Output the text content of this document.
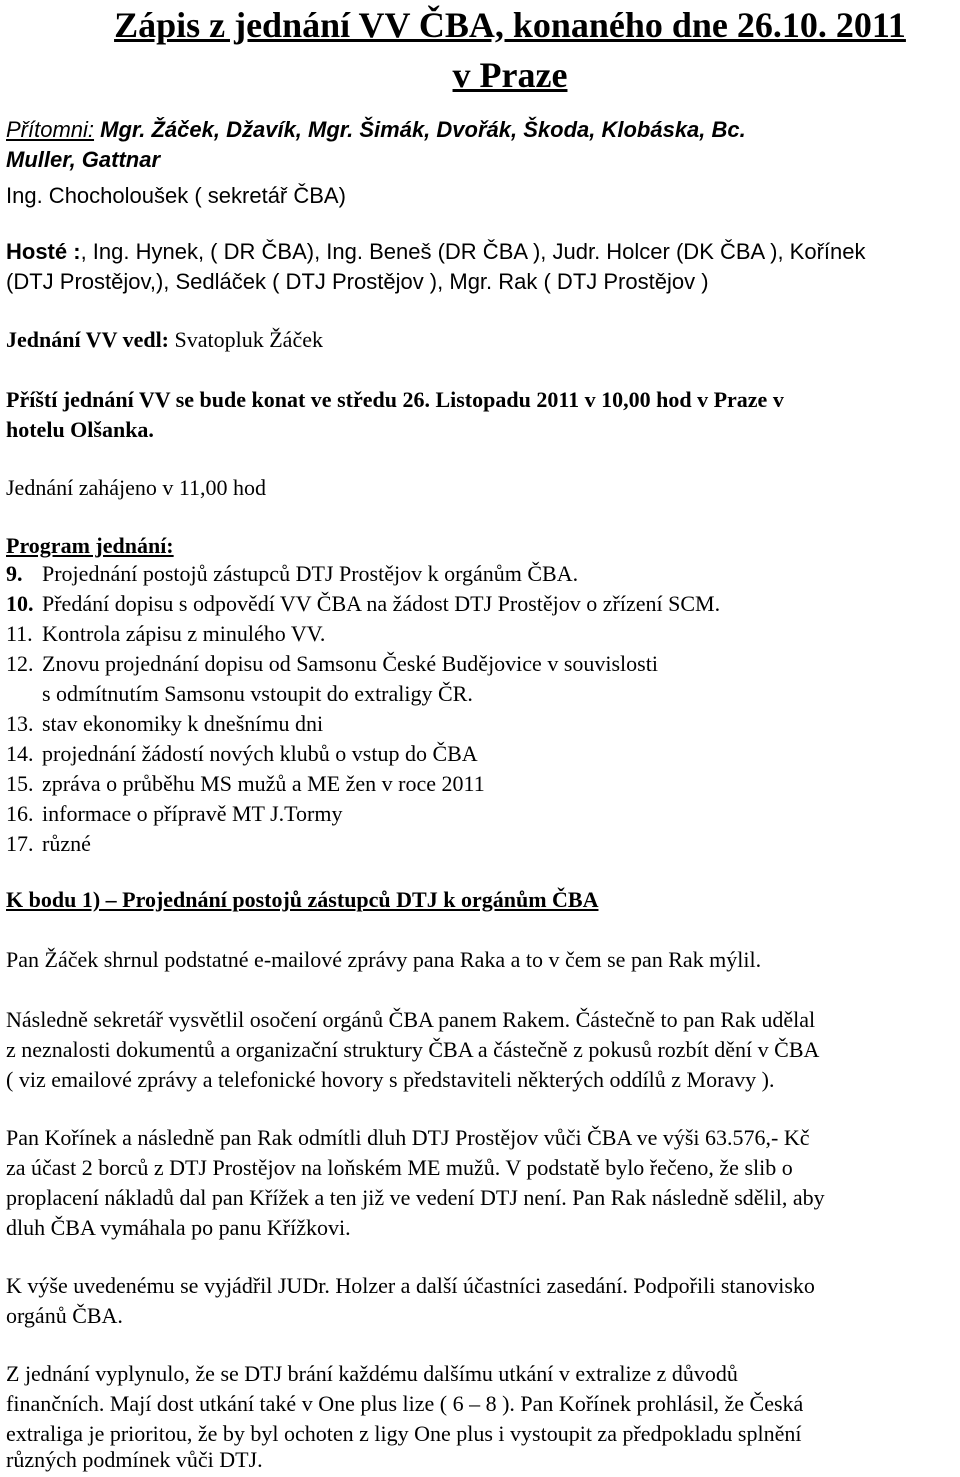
Zápis z jednání VV ČBA, konaného dne 26.10. 2011
v Praze

Přítomni: Mgr. Žáček, Džavík, Mgr. Šimák, Dvořák, Škoda, Klobáska, Bc.

Muller, Gattnar

Ing. Chocholoušek ( sekretář ČBA)

Hosté :, Ing. Hynek, ( DR ČBA), Ing. Beneš (DR ČBA ), Judr. Holcer (DK ČBA ), Kořínek

(DTJ Prostějov,), Sedláček ( DTJ Prostějov ), Mgr. Rak ( DTJ Prostějov )

Jednání VV vedl: Svatopluk Žáček

Příští jednání VV se bude konat ve středu 26. Listopadu 2011 v 10,00 hod v Praze v

hotelu Olšanka.

Jednání zahájeno v 11,00 hod

Program jednání:

9. Projednání postojů zástupců DTJ Prostějov k orgánům ČBA.

10. Předání dopisu s odpovědí VV ČBA na žádost DTJ Prostějov o zřízení SCM.

11. Kontrola zápisu z minulého VV.

12. Znovu projednání dopisu od Samsonu České Budějovice v souvislosti

s odmítnutím Samsonu vstoupit do extraligy ČR.

13. stav ekonomiky k dnešnímu dni

14. projednání žádostí nových klubů o vstup do ČBA

15. zpráva o průběhu MS mužů a ME žen v roce 2011

16. informace o přípravě MT J.Tormy

17. různé

K bodu 1) – Projednání postojů zástupců DTJ k orgánům ČBA

Pan Žáček shrnul podstatné e-mailové zprávy pana Raka a to v čem se pan Rak mýlil.

Následně sekretář vysvětlil osočení orgánů ČBA panem Rakem. Částečně to pan Rak udělal

z neznalosti dokumentů a organizační struktury ČBA a částečně z pokusů rozbít dění v ČBA

( viz emailové zprávy a telefonické hovory s představiteli některých oddílů z Moravy ).

Pan Kořínek a následně pan Rak odmítli dluh DTJ Prostějov vůči ČBA ve výši 63.576,- Kč

za účast 2 borců z DTJ Prostějov na loňském ME mužů. V podstatě bylo řečeno, že slib o

proplacení nákladů dal pan Křížek a ten již ve vedení DTJ není. Pan Rak následně sdělil, aby

dluh ČBA vymáhala po panu Křížkovi.

K výše uvedenému se vyjádřil JUDr. Holzer a další účastníci zasedání. Podpořili stanovisko

orgánů ČBA.

Z jednání vyplynulo, že se DTJ brání každému dalšímu utkání v extralize z důvodů

finančních. Mají dost utkání také v One plus lize ( 6 – 8 ). Pan Kořínek prohlásil, že Česká

extraliga je prioritou, že by byl ochoten z ligy One plus i vystoupit za předpokladu splnění

různých podmínek vůči DTJ.
